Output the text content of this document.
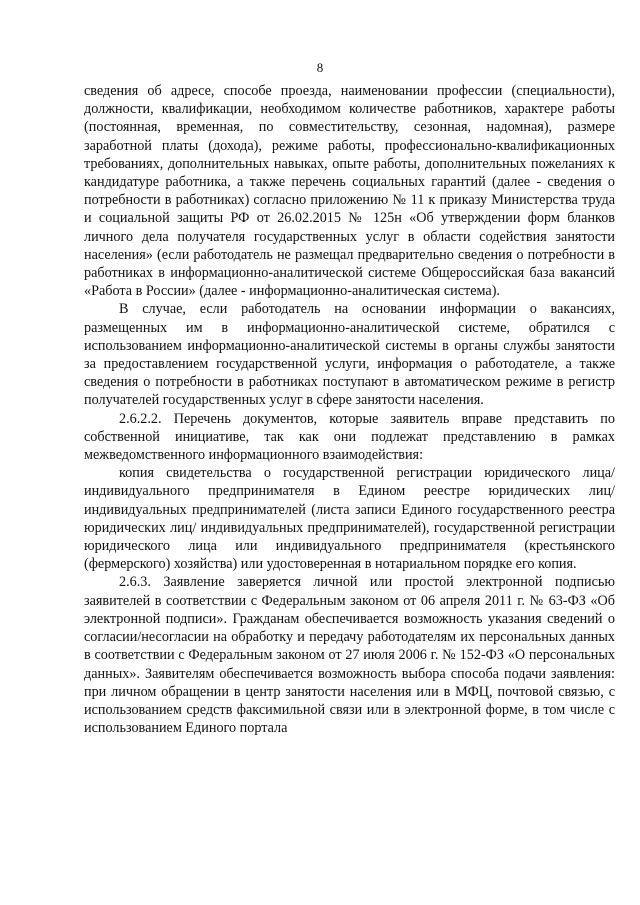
8

сведения об адресе, способе проезда, наименовании профессии (специальности), должности, квалификации, необходимом количестве работников, характере работы (постоянная, временная, по совместительству, сезонная, надомная), размере заработной платы (дохода), режиме работы, профессионально-квалификационных требованиях, дополнительных навыках, опыте работы, дополнительных пожеланиях к кандидатуре работника, а также перечень социальных гарантий (далее - сведения о потребности в работниках) согласно приложению № 11 к приказу Министерства труда и социальной защиты РФ от 26.02.2015 № 125н «Об утверждении форм бланков личного дела получателя государственных услуг в области содействия занятости населения» (если работодатель не размещал предварительно сведения о потребности в работниках в информационно-аналитической системе Общероссийская база вакансий «Работа в России» (далее - информационно-аналитическая система).

В случае, если работодатель на основании информации о вакансиях, размещенных им в информационно-аналитической системе, обратился с использованием информационно-аналитической системы в органы службы занятости за предоставлением государственной услуги, информация о работодателе, а также сведения о потребности в работниках поступают в автоматическом режиме в регистр получателей государственных услуг в сфере занятости населения.

2.6.2.2. Перечень документов, которые заявитель вправе представить по собственной инициативе, так как они подлежат представлению в рамках межведомственного информационного взаимодействия:

копия свидетельства о государственной регистрации юридического лица/индивидуального предпринимателя в Едином реестре юридических лиц/индивидуальных предпринимателей (листа записи Единого государственного реестра юридических лиц/ индивидуальных предпринимателей), государственной регистрации юридического лица или индивидуального предпринимателя (крестьянского (фермерского) хозяйства) или удостоверенная в нотариальном порядке его копия.

2.6.3. Заявление заверяется личной или простой электронной подписью заявителей в соответствии с Федеральным законом от 06 апреля 2011 г. № 63-ФЗ «Об электронной подписи». Гражданам обеспечивается возможность указания сведений о согласии/несогласии на обработку и передачу работодателям их персональных данных в соответствии с Федеральным законом от 27 июля 2006 г. № 152-ФЗ «О персональных данных». Заявителям обеспечивается возможность выбора способа подачи заявления: при личном обращении в центр занятости населения или в МФЦ, почтовой связью, с использованием средств факсимильной связи или в электронной форме, в том числе с использованием Единого портала
